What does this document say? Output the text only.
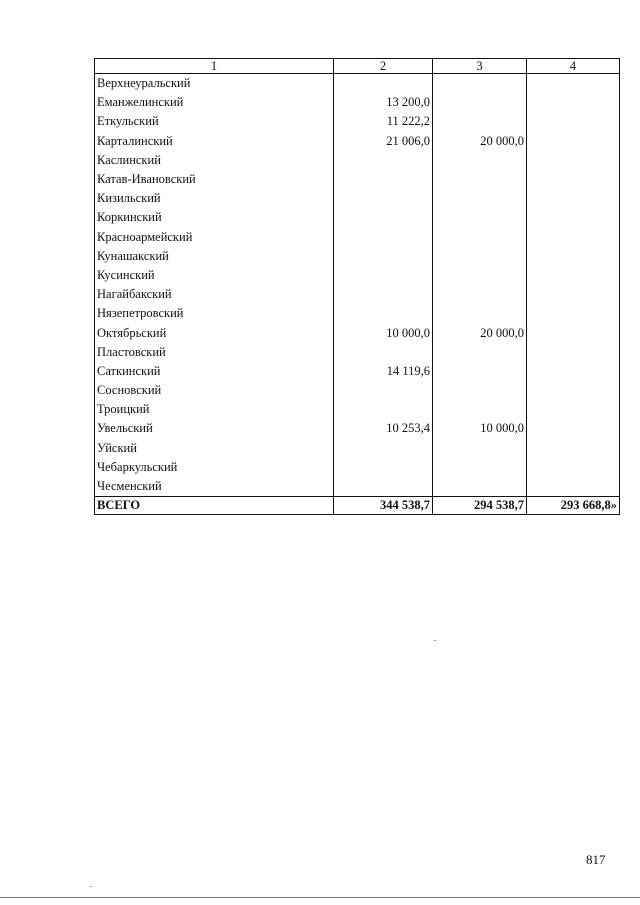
1	2	3	4
Верхнеуральский			
Еманжелинский	13 200,0		
Еткульский	11 222,2		
Карталинский	21 006,0	20 000,0	
Каслинский			
Катав-Ивановский			
Кизильский			
Коркинский			
Красноармейский			
Кунашакский			
Кусинский			
Нагайбакский			
Нязепетровский			
Октябрьский	10 000,0	20 000,0	
Пластовский			
Саткинский	14 119,6		
Сосновский			
Троицкий			
Увельский	10 253,4	10 000,0	
Уйский			
Чебаркульский			
Чесменский			
ВСЕГО	344 538,7	294 538,7	293 668,8»
817
